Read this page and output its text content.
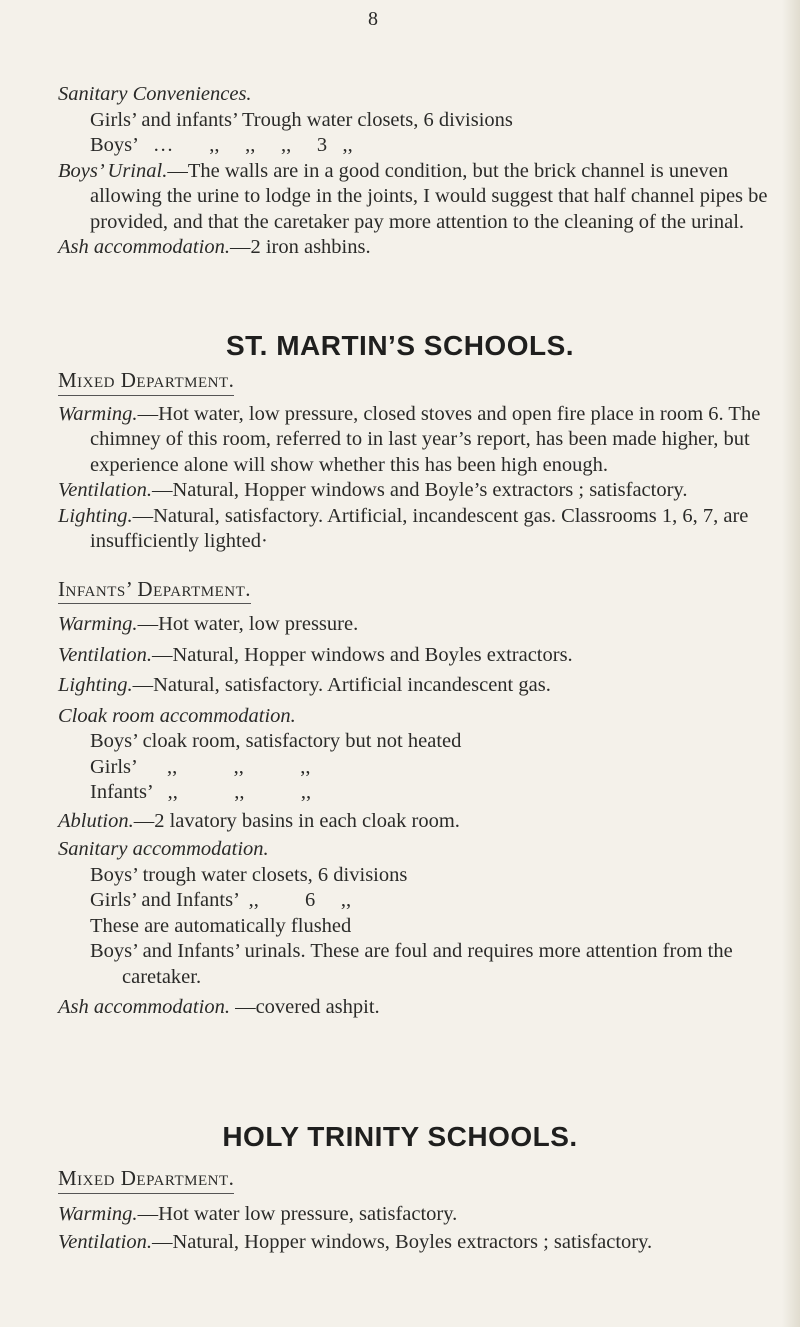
8

Sanitary Conveniences.

Girls’ and infants’ Trough water closets, 6 divisions

Boys’   …       ,,     ,,     ,,     3   ,,

Boys’ Urinal.—The walls are in a good condition, but the brick channel is uneven allowing the urine to lodge in the joints, I would suggest that half channel pipes be provided, and that the caretaker pay more attention to the cleaning of the urinal.

Ash accommodation.—2 iron ashbins.

ST. MARTIN’S SCHOOLS.

Mixed Department.

Warming.—Hot water, low pressure, closed stoves and open fire place in room 6. The chimney of this room, referred to in last year’s report, has been made higher, but experience alone will show whether this has been high enough.

Ventilation.—Natural, Hopper windows and Boyle’s extractors ; satisfactory.

Lighting.—Natural, satisfactory. Artificial, incandescent gas. Classrooms 1, 6, 7, are insufficiently lighted·

Infants’ Department.

Warming.—Hot water, low pressure.

Ventilation.—Natural, Hopper windows and Boyles extractors.

Lighting.—Natural, satisfactory. Artificial incandescent gas.

Cloak room accommodation.

Boys’ cloak room, satisfactory but not heated

Girls’      ,,           ,,           ,,

Infants’   ,,           ,,           ,,

Ablution.—2 lavatory basins in each cloak room.

Sanitary accommodation.

Boys’ trough water closets, 6 divisions

Girls’ and Infants’  ,,         6     ,,

These are automatically flushed

Boys’ and Infants’ urinals. These are foul and requires more attention from the caretaker.

Ash accommodation. —covered ashpit.

HOLY TRINITY SCHOOLS.

Mixed Department.

Warming.—Hot water low pressure, satisfactory.

Ventilation.—Natural, Hopper windows, Boyles extractors ; satisfactory.
